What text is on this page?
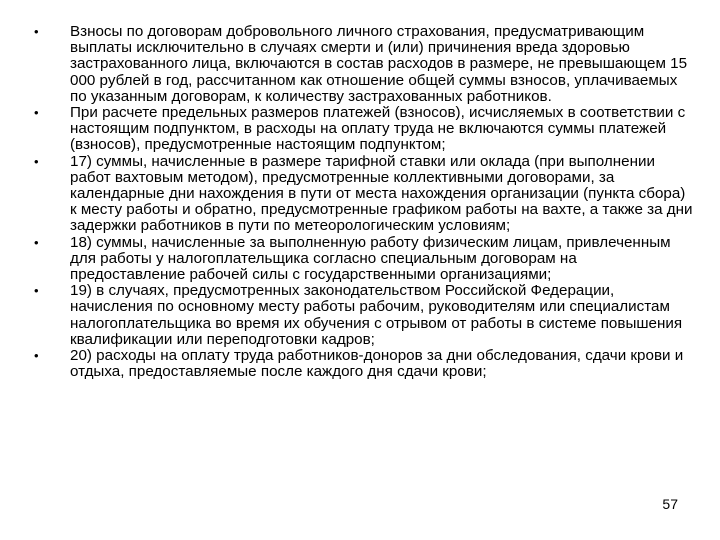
•	Взносы по договорам добровольного личного страхования, предусматривающим выплаты исключительно в случаях смерти и (или) причинения вреда здоровью застрахованного лица, включаются в состав расходов в размере, не превышающем 15 000 рублей в год, рассчитанном как отношение общей суммы взносов, уплачиваемых по указанным договорам, к количеству застрахованных работников.
•	При расчете предельных размеров платежей (взносов), исчисляемых в соответствии с настоящим подпунктом, в расходы на оплату труда не включаются суммы платежей (взносов), предусмотренные настоящим подпунктом;
•	17) суммы, начисленные в размере тарифной ставки или оклада (при выполнении работ вахтовым методом), предусмотренные коллективными договорами, за календарные дни нахождения в пути от места нахождения организации (пункта сбора) к месту работы и обратно, предусмотренные графиком работы на вахте, а также за дни задержки работников в пути по метеорологическим условиям;
•	18) суммы, начисленные за выполненную работу физическим лицам, привлеченным для работы у налогоплательщика согласно специальным договорам на предоставление рабочей силы с государственными организациями;
•	19) в случаях, предусмотренных законодательством Российской Федерации, начисления по основному месту работы рабочим, руководителям или специалистам налогоплательщика во время их обучения с отрывом от работы в системе повышения квалификации или переподготовки кадров;
•	20) расходы на оплату труда работников-доноров за дни обследования, сдачи крови и отдыха, предоставляемые после каждого дня сдачи крови;
57
